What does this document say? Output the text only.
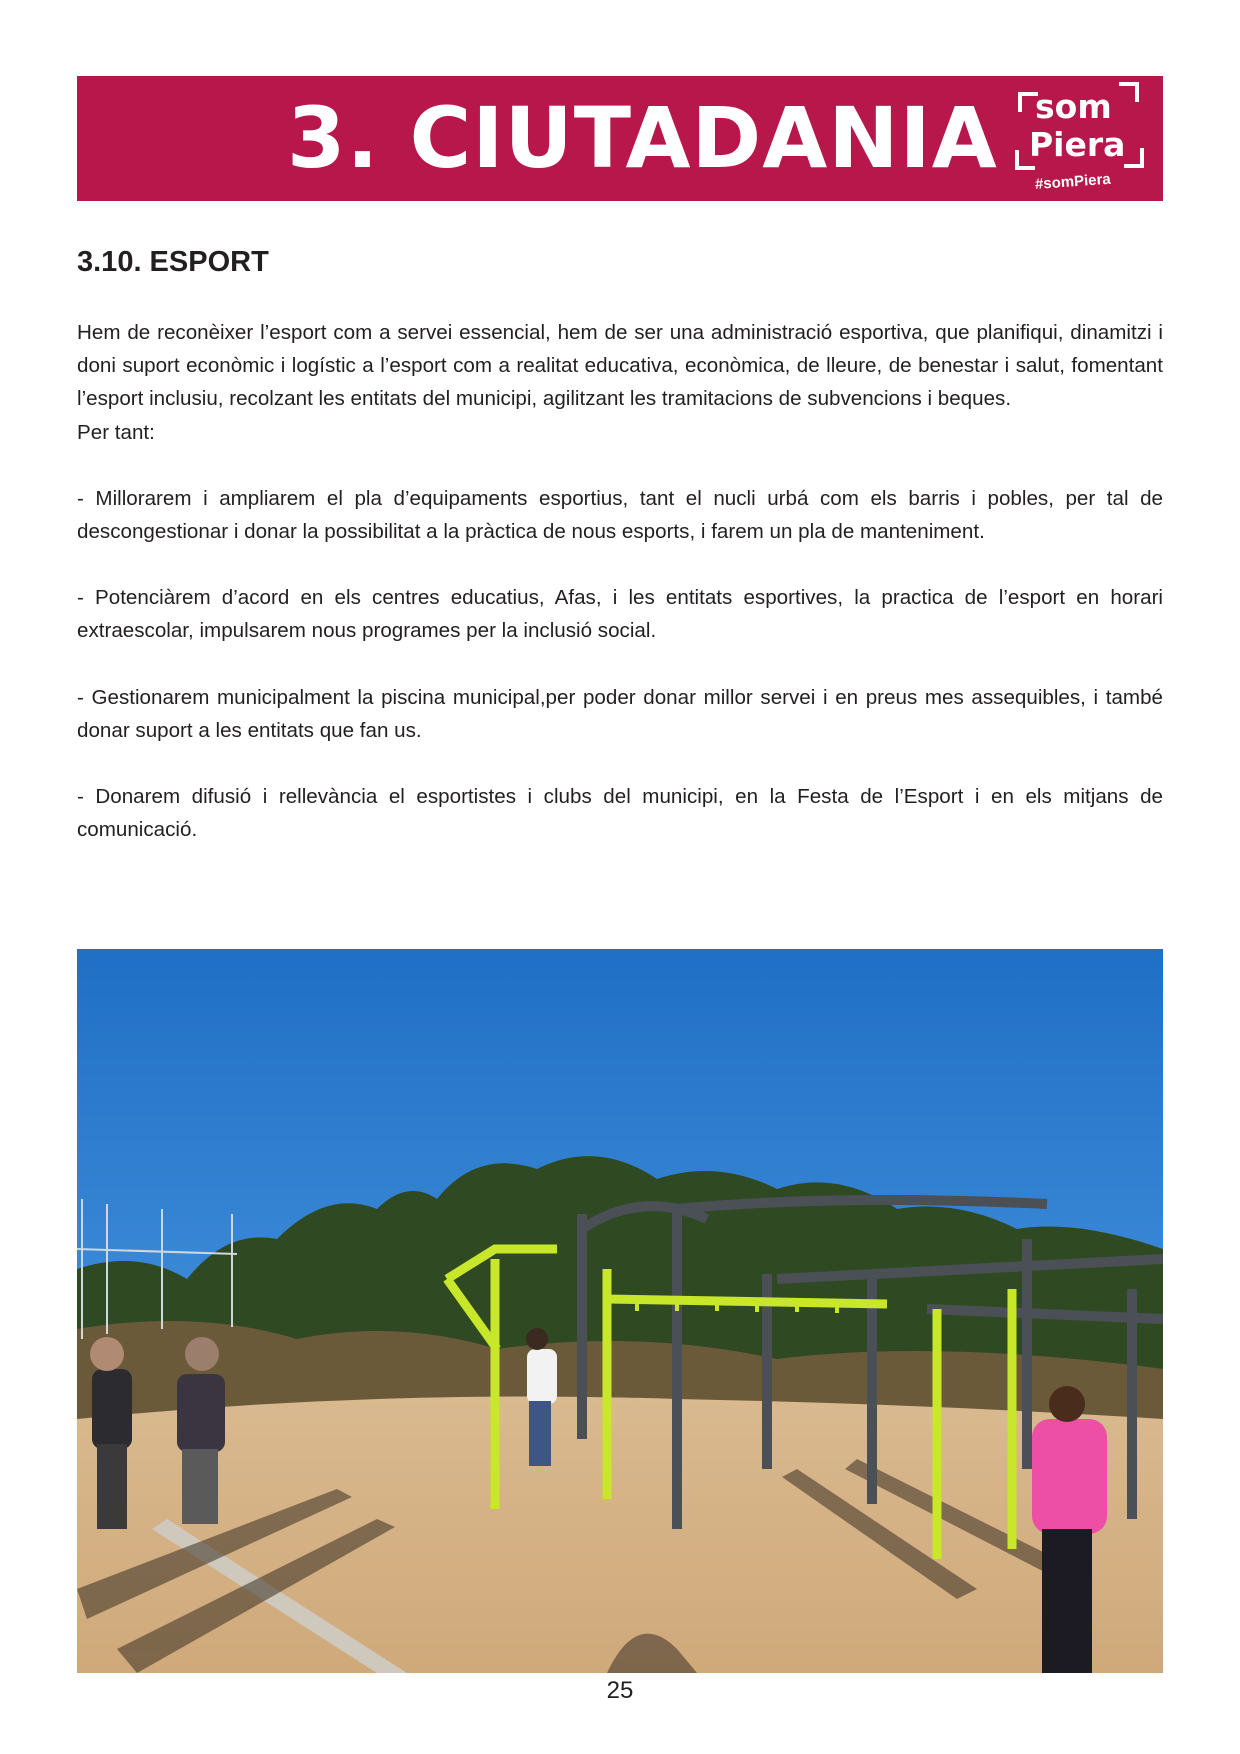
3. CIUTADANIA som
Piera
#somPiera
3.10. ESPORT

Hem de reconèixer l’esport com a servei essencial, hem de ser una administració esportiva, que planifiqui, dinamitzi i doni suport econòmic i logístic a l’esport com a realitat educativa, econòmica, de lleure, de benestar i salut, fomentant l’esport inclusiu, recolzant les entitats del municipi, agilitzant les tramitacions de subvencions i beques.

Per tant:

- Millorarem i ampliarem el pla d’equipaments esportius, tant el nucli urbá com els barris i pobles, per tal de descongestionar i donar la possibilitat a la pràctica de nous esports, i farem un pla de manteniment.

- Potenciàrem d’acord en els centres educatius, Afas, i les entitats esportives, la practica de l’esport en horari extraescolar, impulsarem nous programes per la inclusió social.

- Gestionarem municipalment la piscina municipal,per poder donar millor servei i en preus mes assequibles, i també donar suport a les entitats que fan us.

- Donarem difusió i rellevància el esportistes i clubs del municipi, en la Festa de l’Esport i en els mitjans de comunicació.

25
